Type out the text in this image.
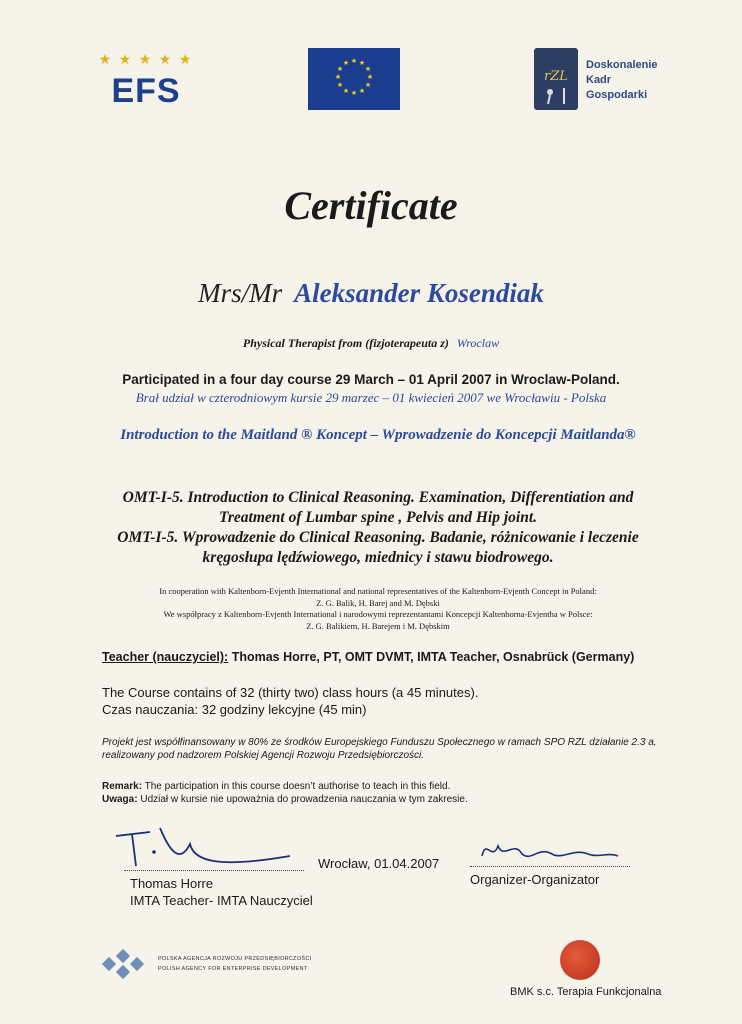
★ ★ ★ ★ ★
EFS
★ ★
★
★
★
★
★
★
★
★
★
★
rZL
Doskonalenie
Kadr
Gospodarki
Certificate
Mrs/Mr Aleksander Kosendiak
Physical Therapist from (fizjoterapeuta z) Wroclaw
Participated in a four day course 29 March – 01 April 2007 in Wroclaw-Poland.
Brał udział w czterodniowym kursie 29 marzec – 01 kwiecień 2007 we Wrocławiu - Polska
Introduction to the Maitland ® Koncept – Wprowadzenie do Koncepcji Maitlanda®
OMT-I-5. Introduction to Clinical Reasoning. Examination, Differentiation and Treatment of Lumbar spine , Pelvis and Hip joint.
OMT-I-5. Wprowadzenie do Clinical Reasoning. Badanie, różnicowanie i leczenie kręgosłupa lędźwiowego, miednicy i stawu biodrowego.
In cooperation with Kaltenborn-Evjenth International and national representatives of the Kaltenborn-Evjenth Concept in Poland:
Z. G. Balik, H. Barej and M. Dębski
We współpracy z Kaltenborn-Evjenth International i narodowymi reprezentantami Koncepcji Kaltenborna-Evjentha w Polsce:
Z. G. Balikiem, H. Barejem i M. Dębskim
Teacher (nauczyciel): Thomas Horre, PT, OMT DVMT, IMTA Teacher, Osnabrück (Germany)
The Course contains of 32 (thirty two) class hours (a 45 minutes).
Czas nauczania: 32 godziny lekcyjne (45 min)
Projekt jest współfinansowany w 80% ze środków Europejskiego Funduszu Społecznego w ramach SPO RZL działanie 2.3 a, realizowany pod nadzorem Polskiej Agencji Rozwoju Przedsiębiorczości.
Remark: The participation in this course doesn’t authorise to teach in this field.
Uwaga: Udział w kursie nie upoważnia do prowadzenia nauczania w tym zakresie.
Wrocław, 01.04.2007
Thomas Horre
IMTA Teacher- IMTA Nauczyciel
Organizer-Organizator
POLSKA AGENCJA ROZWOJU PRZEDSIĘBIORCZOŚCI
POLISH AGENCY FOR ENTERPRISE DEVELOPMENT
BMK s.c. Terapia Funkcjonalna
